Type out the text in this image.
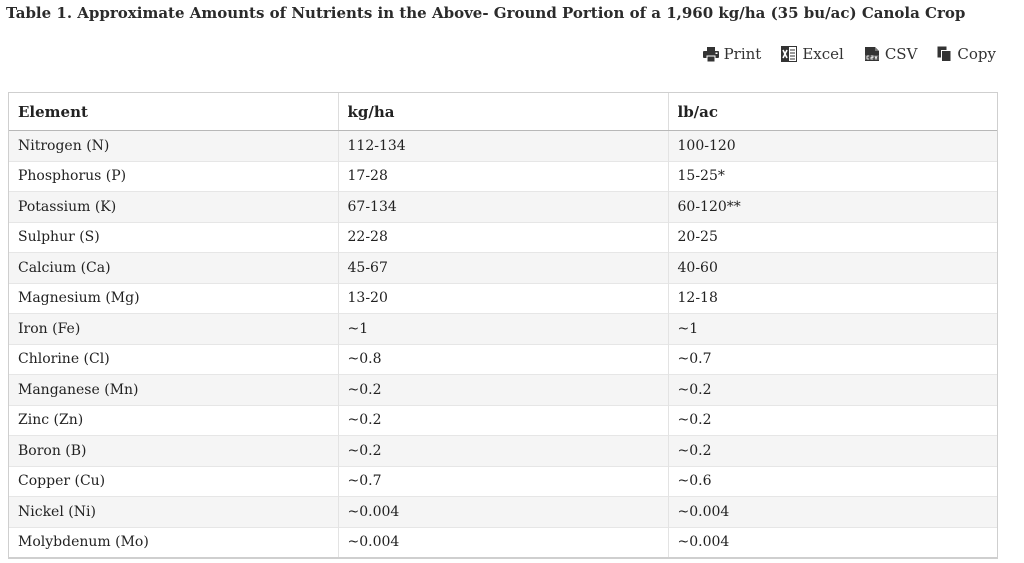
Table 1. Approximate Amounts of Nutrients in the Above- Ground Portion of a 1,960 kg/ha (35 bu/ac) Canola Crop
Print	Excel	CSV	Copy
Element	kg/ha	lb/ac
Nitrogen (N)	112-134	100-120
Phosphorus (P)	17-28	15-25*
Potassium (K)	67-134	60-120**
Sulphur (S)	22-28	20-25
Calcium (Ca)	45-67	40-60
Magnesium (Mg)	13-20	12-18
Iron (Fe)	~1	~1
Chlorine (Cl)	~0.8	~0.7
Manganese (Mn)	~0.2	~0.2
Zinc (Zn)	~0.2	~0.2
Boron (B)	~0.2	~0.2
Copper (Cu)	~0.7	~0.6
Nickel (Ni)	~0.004	~0.004
Molybdenum (Mo)	~0.004	~0.004
